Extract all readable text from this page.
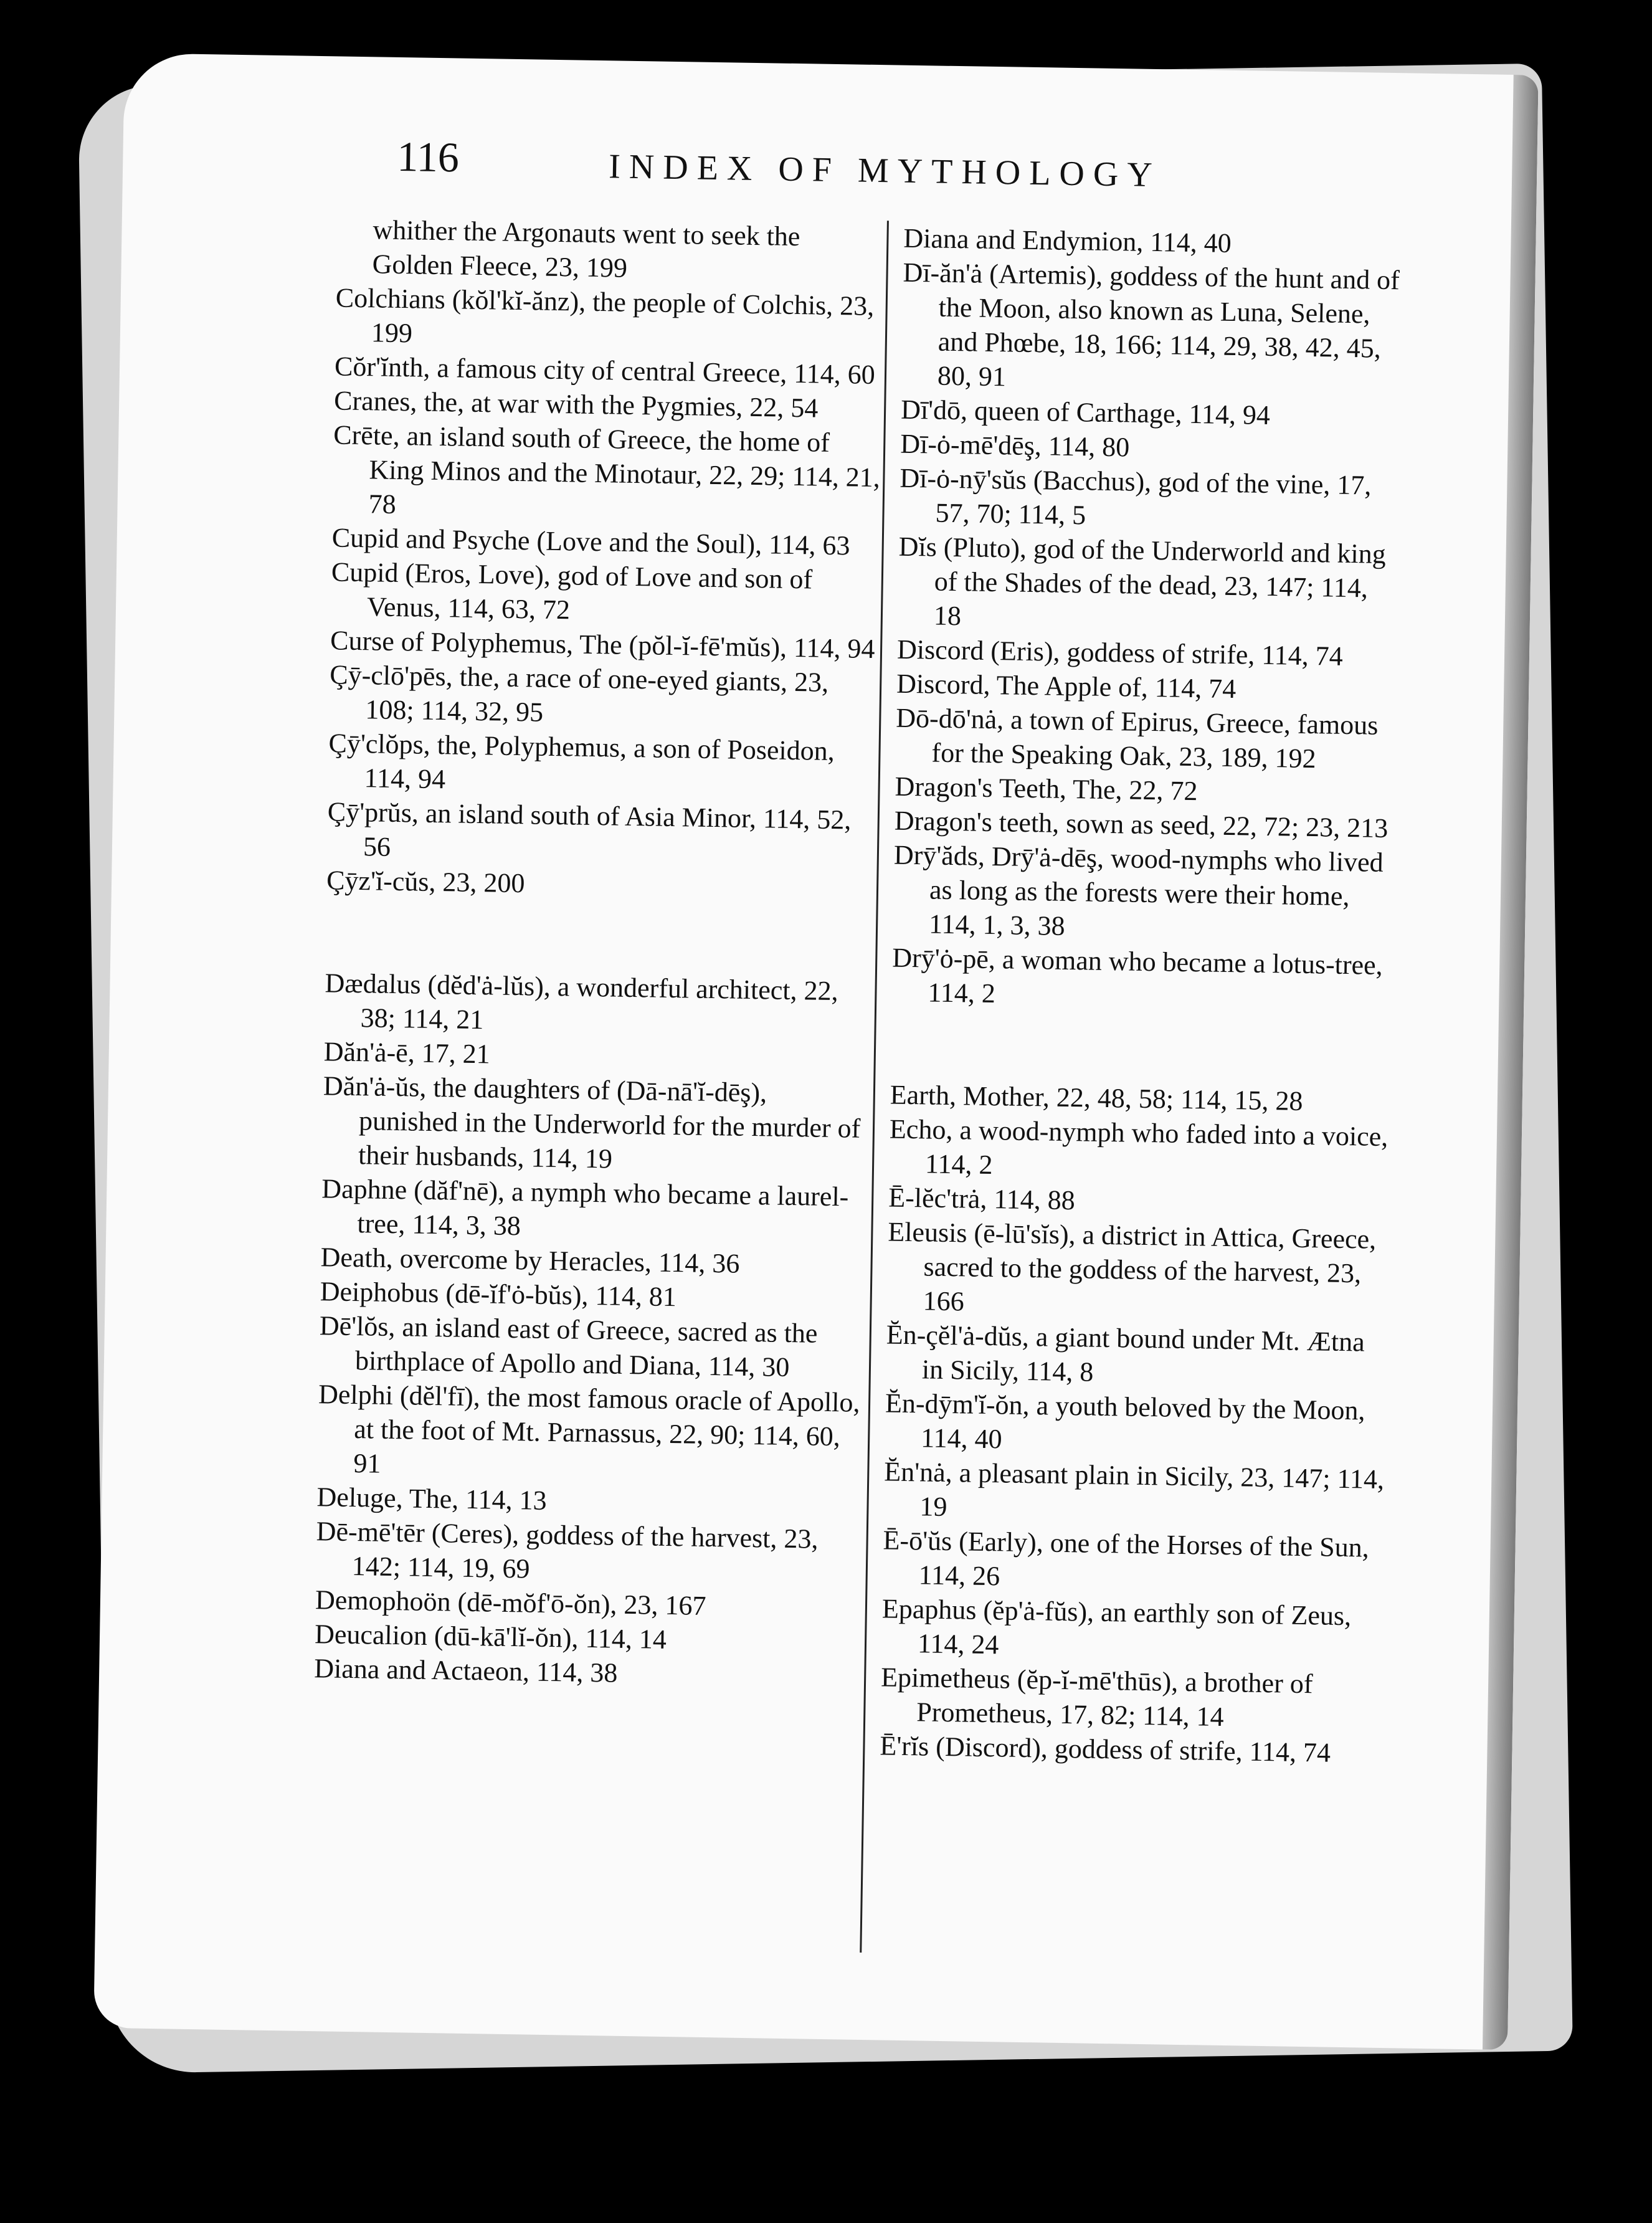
116	INDEX OF MYTHOLOGY
whither the Argonauts went to seek the Golden Fleece, 23, 199
Colchians (kŏl'kĭ-ănz), the people of Colchis, 23, 199
Cŏr'ĭnth, a famous city of central Greece, 114, 60
Cranes, the, at war with the Pygmies, 22, 54
Crēte, an island south of Greece, the home of King Minos and the Minotaur, 22, 29; 114, 21, 78
Cupid and Psyche (Love and the Soul), 114, 63
Cupid (Eros, Love), god of Love and son of Venus, 114, 63, 72
Curse of Polyphemus, The (pŏl-ĭ-fē'mŭs), 114, 94
Çȳ-clō'pēs, the, a race of one-eyed giants, 23, 108; 114, 32, 95
Çȳ'clŏps, the, Polyphemus, a son of Poseidon, 114, 94
Çȳ'prŭs, an island south of Asia Minor, 114, 52, 56
Çȳz'ĭ-cŭs, 23, 200
Dædalus (dĕd'ȧ-lŭs), a wonderful architect, 22, 38; 114, 21
Dăn'ȧ-ē, 17, 21
Dăn'ȧ-ŭs, the daughters of (Dā-nā'ĭ-dēş), punished in the Underworld for the murder of their husbands, 114, 19
Daphne (dăf'nē), a nymph who became a laurel-tree, 114, 3, 38
Death, overcome by Heracles, 114, 36
Deiphobus (dē-ĭf'ȯ-bŭs), 114, 81
Dē'lŏs, an island east of Greece, sacred as the birthplace of Apollo and Diana, 114, 30
Delphi (dĕl'fī), the most famous oracle of Apollo, at the foot of Mt. Parnassus, 22, 90; 114, 60, 91
Deluge, The, 114, 13
Dē-mē'tēr (Ceres), goddess of the harvest, 23, 142; 114, 19, 69
Demophoön (dē-mŏf'ō-ŏn), 23, 167
Deucalion (dū-kā'lĭ-ŏn), 114, 14
Diana and Actaeon, 114, 38
Diana and Endymion, 114, 40
Dī-ăn'ȧ (Artemis), goddess of the hunt and of the Moon, also known as Luna, Selene, and Phœbe, 18, 166; 114, 29, 38, 42, 45, 80, 91
Dī'dō, queen of Carthage, 114, 94
Dī-ȯ-mē'dēş, 114, 80
Dī-ȯ-nȳ'sŭs (Bacchus), god of the vine, 17, 57, 70; 114, 5
Dĭs (Pluto), god of the Underworld and king of the Shades of the dead, 23, 147; 114, 18
Discord (Eris), goddess of strife, 114, 74
Discord, The Apple of, 114, 74
Dō-dō'nȧ, a town of Epirus, Greece, famous for the Speaking Oak, 23, 189, 192
Dragon's Teeth, The, 22, 72
Dragon's teeth, sown as seed, 22, 72; 23, 213
Drȳ'ăds, Drȳ'ȧ-dēş, wood-nymphs who lived as long as the forests were their home, 114, 1, 3, 38
Drȳ'ȯ-pē, a woman who became a lotus-tree, 114, 2
Earth, Mother, 22, 48, 58; 114, 15, 28
Echo, a wood-nymph who faded into a voice, 114, 2
Ē-lĕc'trȧ, 114, 88
Eleusis (ē-lū'sĭs), a district in Attica, Greece, sacred to the goddess of the harvest, 23, 166
Ĕn-çĕl'ȧ-dŭs, a giant bound under Mt. Ætna in Sicily, 114, 8
Ĕn-dȳm'ĭ-ŏn, a youth beloved by the Moon, 114, 40
Ĕn'nȧ, a pleasant plain in Sicily, 23, 147; 114, 19
Ē-ō'ŭs (Early), one of the Horses of the Sun, 114, 26
Epaphus (ĕp'ȧ-fŭs), an earthly son of Zeus, 114, 24
Epimetheus (ĕp-ĭ-mē'thūs), a brother of Prometheus, 17, 82; 114, 14
Ē'rĭs (Discord), goddess of strife, 114, 74
